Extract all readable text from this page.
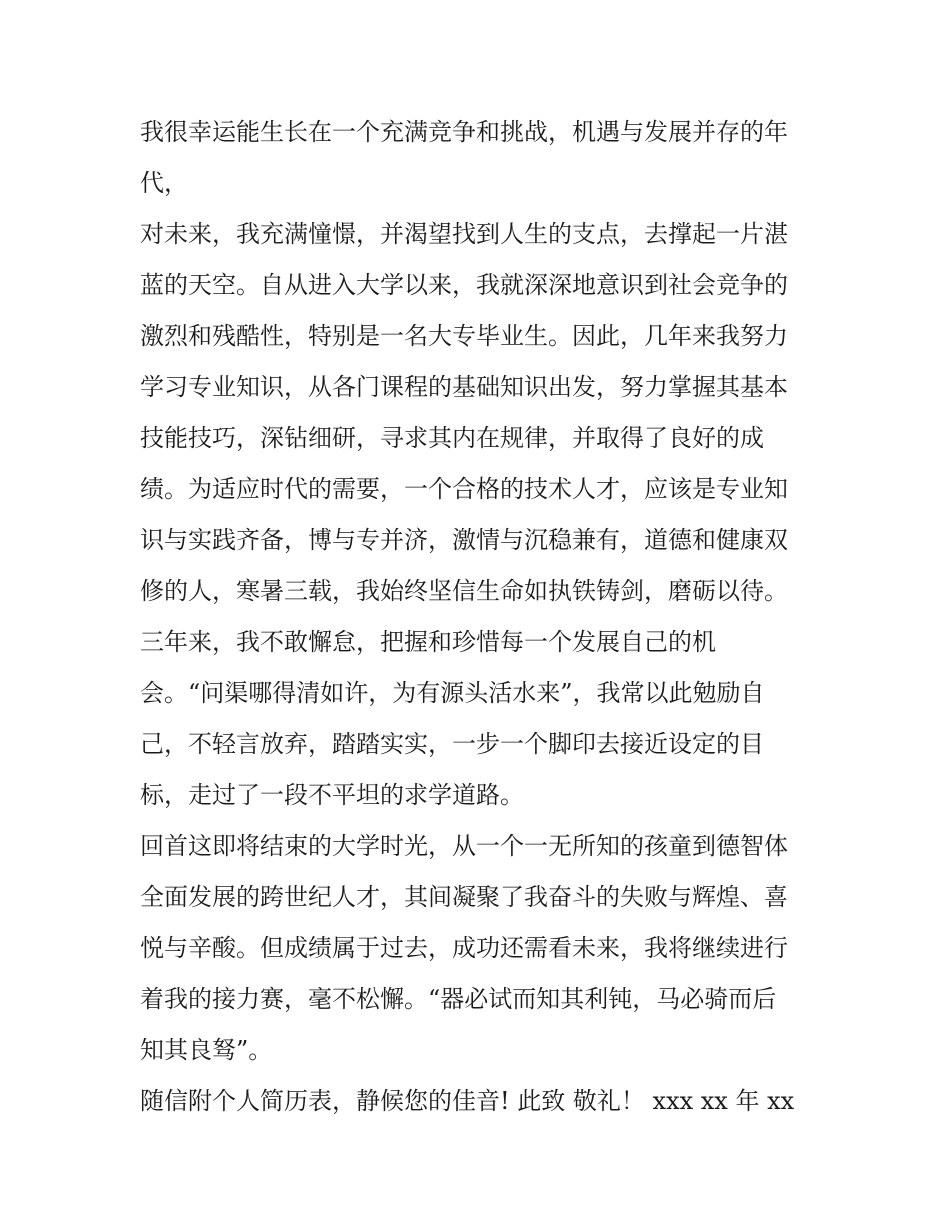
我很幸运能生长在一个充满竞争和挑战，机遇与发展并存的年
代，
对未来，我充满憧憬，并渴望找到人生的支点，去撑起一片湛
蓝的天空。自从进入大学以来，我就深深地意识到社会竞争的
激烈和残酷性，特别是一名大专毕业生。因此，几年来我努力
学习专业知识，从各门课程的基础知识出发，努力掌握其基本
技能技巧，深钻细研，寻求其内在规律，并取得了良好的成
绩。为适应时代的需要，一个合格的技术人才，应该是专业知
识与实践齐备，博与专并济，激情与沉稳兼有，道德和健康双
修的人，寒暑三载，我始终坚信生命如执铁铸剑，磨砺以待。
三年来，我不敢懈怠，把握和珍惜每一个发展自己的机
会。“问渠哪得清如许，为有源头活水来”，我常以此勉励自
己，不轻言放弃，踏踏实实，一步一个脚印去接近设定的目
标，走过了一段不平坦的求学道路。
回首这即将结束的大学时光，从一个一无所知的孩童到德智体
全面发展的跨世纪人才，其间凝聚了我奋斗的失败与辉煌、喜
悦与辛酸。但成绩属于过去，成功还需看未来，我将继续进行
着我的接力赛，毫不松懈。“器必试而知其利钝，马必骑而后
知其良驽”。
随信附个人简历表，静候您的佳音! 此致 敬礼！ xxx xx 年 xx
